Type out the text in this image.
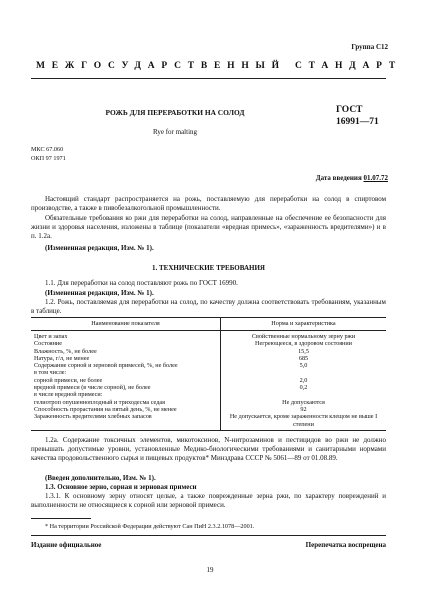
Группа С12
МЕЖГОСУДАРСТВЕННЫЙ СТАНДАРТ
РОЖЬ ДЛЯ ПЕРЕРАБОТКИ НА СОЛОД
Rye for malting
ГОСТ
16991—71
МКС 67.060
ОКП 97 1971
Дата введения 01.07.72
Настоящий стандарт распространяется на рожь, поставляемую для переработки на солод в спиртовом производстве, а также в пивобезалкогольной промышленности.
Обязательные требования ко ржи для переработки на солод, направленные на обеспечение ее безопасности для жизни и здоровья населения, изложены в таблице (показатели «вредная примесь», «зараженность вредителями») и в п. 1.2а.
(Измененная редакция, Изм. № 1).
1. ТЕХНИЧЕСКИЕ ТРЕБОВАНИЯ
1.1. Для переработки на солод поставляют рожь по ГОСТ 16990.
(Измененная редакция, Изм. № 1).
1.2. Рожь, поставляемая для переработки на солод, по качеству должна соответствовать требованиям, указанным в таблице.
Наименование показателя	Норма и характеристика
Цвет и запах	Свойственные нормальному зерну ржи
Состояние	Негреющееся, в здоровом состоянии
Влажность, %, не более	15,5
Натура, г/л, не менее	685
Содержание сорной и зерновой примесей, %, не более	5,0
в том числе:	
сорной примеси, не более	2,0
вредной примеси (в числе сорной), не более	0,2
в числе вредной примеси:	
гелиотроп опушенноплодный и триходесма седая	Не допускаются
Способность прорастания на пятый день, %, не менее	92
Зараженность вредителями хлебных запасов	Не допускается, кроме зараженности клещом не выше I степени
1.2а. Содержание токсичных элементов, микотоксинов, N-нитрозаминов и пестицидов во ржи не должно превышать допустимые уровни, установленные Медико-биологическими требованиями и санитарными нормами качества продовольственного сырья и пищевых продуктов* Минздрава СССР № 5061—89 от 01.08.89.
(Введен дополнительно, Изм. № 1).
1.3. Основное зерно, сорная и зерновая примеси
1.3.1. К основному зерну относят целые, а также поврежденные зерна ржи, по характеру повреждений и выполненности не относящиеся к сорной или зерновой примеси.
* На территории Российской Федерации действуют Сан ПиН 2.3.2.1078—2001.
Издание официальное	Перепечатка воспрещена
19
